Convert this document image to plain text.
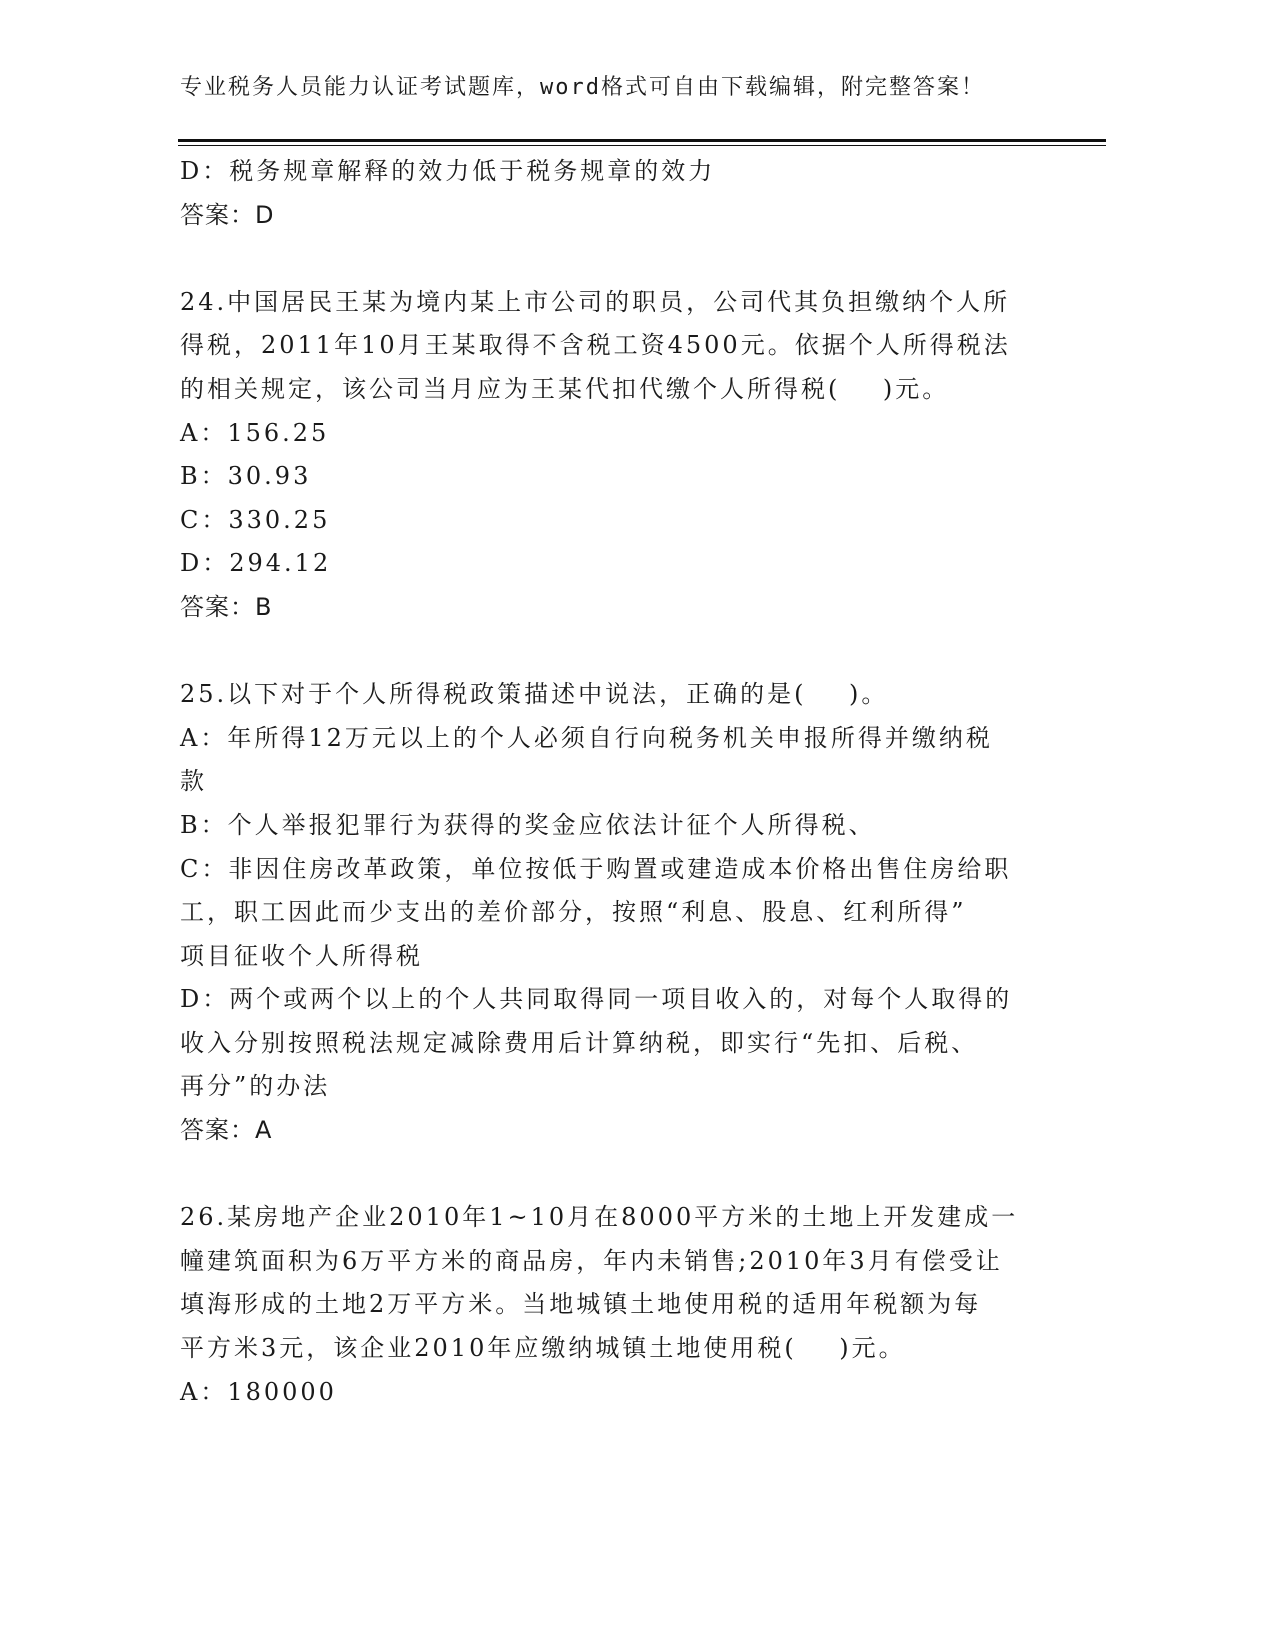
专业税务人员能力认证考试题库，word格式可自由下载编辑，附完整答案！
D：税务规章解释的效力低于税务规章的效力
答案：D
24.中国居民王某为境内某上市公司的职员，公司代其负担缴纳个人所
得税，2011年10月王某取得不含税工资4500元。依据个人所得税法
的相关规定，该公司当月应为王某代扣代缴个人所得税(    )元。
A：156.25
B：30.93
C：330.25
D：294.12
答案：B
25.以下对于个人所得税政策描述中说法，正确的是(    )。
A：年所得12万元以上的个人必须自行向税务机关申报所得并缴纳税
款
B：个人举报犯罪行为获得的奖金应依法计征个人所得税、
C：非因住房改革政策，单位按低于购置或建造成本价格出售住房给职
工，职工因此而少支出的差价部分，按照“利息、股息、红利所得”
项目征收个人所得税
D：两个或两个以上的个人共同取得同一项目收入的，对每个人取得的
收入分别按照税法规定减除费用后计算纳税，即实行“先扣、后税、
再分”的办法
答案：A
26.某房地产企业2010年1~10月在8000平方米的土地上开发建成一
幢建筑面积为6万平方米的商品房，年内未销售;2010年3月有偿受让
填海形成的土地2万平方米。当地城镇土地使用税的适用年税额为每
平方米3元，该企业2010年应缴纳城镇土地使用税(    )元。
A：180000
